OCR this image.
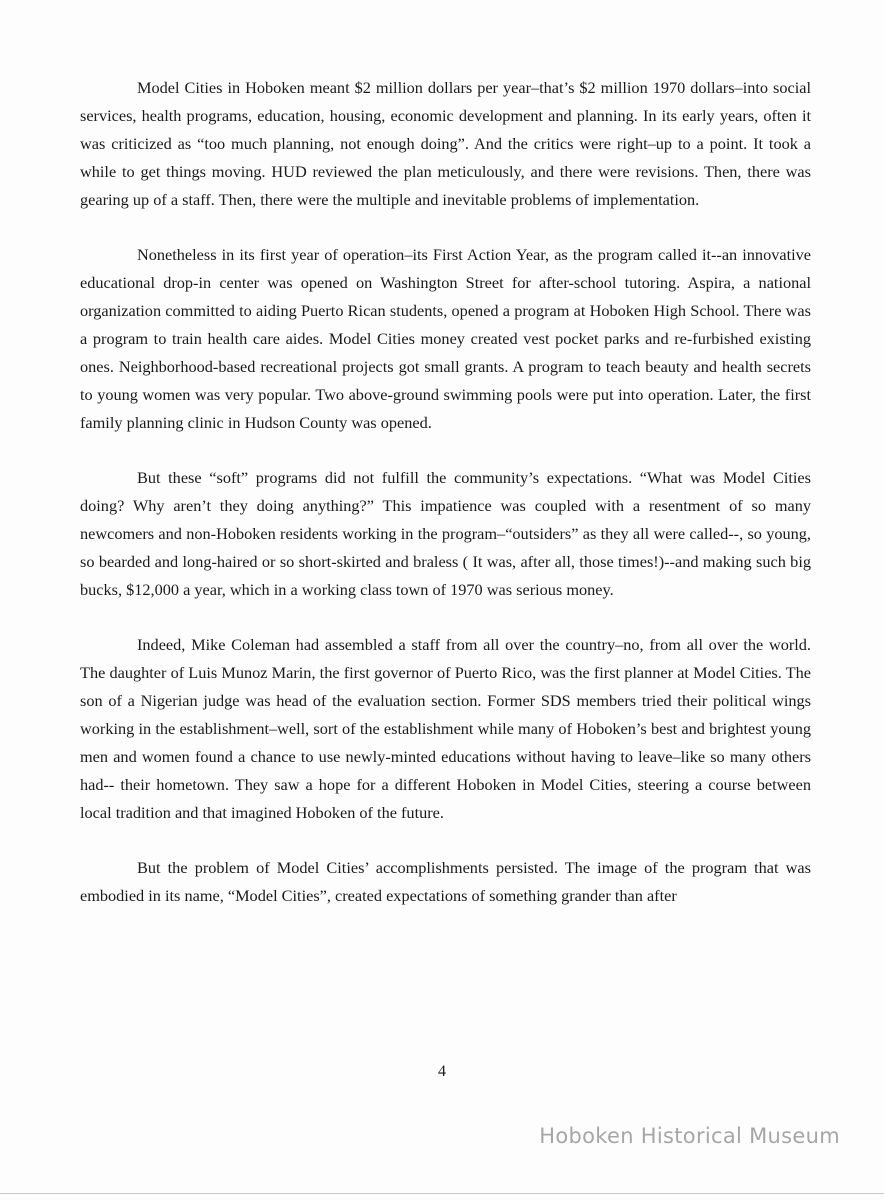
Model Cities in Hoboken meant $2 million dollars per year–that’s $2 million 1970 dollars–into social services, health programs, education, housing, economic development and planning. In its early years, often it was criticized as “too much planning, not enough doing”. And the critics were right–up to a point. It took a while to get things moving. HUD reviewed the plan meticulously, and there were revisions. Then, there was gearing up of a staff. Then, there were the multiple and inevitable problems of implementation.

Nonetheless in its first year of operation–its First Action Year, as the program called it--an innovative educational drop-in center was opened on Washington Street for after-school tutoring. Aspira, a national organization committed to aiding Puerto Rican students, opened a program at Hoboken High School. There was a program to train health care aides. Model Cities money created vest pocket parks and re-furbished existing ones. Neighborhood-based recreational projects got small grants. A program to teach beauty and health secrets to young women was very popular. Two above-ground swimming pools were put into operation. Later, the first family planning clinic in Hudson County was opened.

But these “soft” programs did not fulfill the community’s expectations. “What was Model Cities doing? Why aren’t they doing anything?” This impatience was coupled with a resentment of so many newcomers and non-Hoboken residents working in the program–“outsiders” as they all were called--, so young, so bearded and long-haired or so short-skirted and braless ( It was, after all, those times!)--and making such big bucks, $12,000 a year, which in a working class town of 1970 was serious money.

Indeed, Mike Coleman had assembled a staff from all over the country–no, from all over the world. The daughter of Luis Munoz Marin, the first governor of Puerto Rico, was the first planner at Model Cities. The son of a Nigerian judge was head of the evaluation section. Former SDS members tried their political wings working in the establishment–well, sort of the establishment while many of Hoboken’s best and brightest young men and women found a chance to use newly-minted educations without having to leave–like so many others had-- their hometown. They saw a hope for a different Hoboken in Model Cities, steering a course between local tradition and that imagined Hoboken of the future.

But the problem of Model Cities’ accomplishments persisted. The image of the program that was embodied in its name, “Model Cities”, created expectations of something grander than after

4
Hoboken Historical Museum
